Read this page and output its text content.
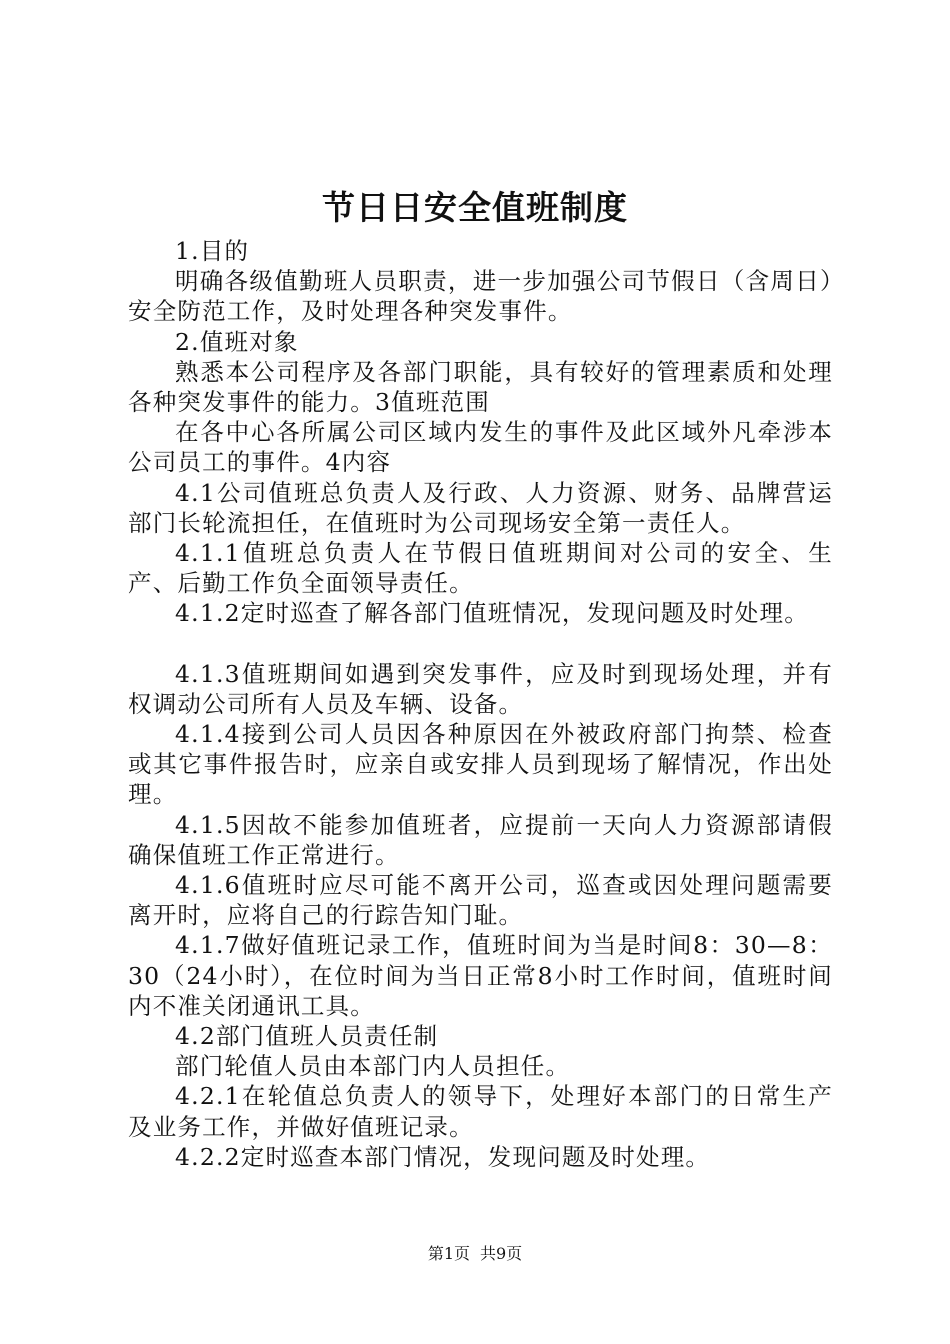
节日日安全值班制度

1.目的

明确各级值勤班人员职责，进一步加强公司节假日（含周日）安全防范工作，及时处理各种突发事件。

2.值班对象

熟悉本公司程序及各部门职能，具有较好的管理素质和处理各种突发事件的能力。3值班范围

在各中心各所属公司区域内发生的事件及此区域外凡牵涉本公司员工的事件。4内容

4.1公司值班总负责人及行政、人力资源、财务、品牌营运部门长轮流担任，在值班时为公司现场安全第一责任人。

4.1.1值班总负责人在节假日值班期间对公司的安全、生产、后勤工作负全面领导责任。

4.1.2定时巡查了解各部门值班情况，发现问题及时处理。

4.1.3值班期间如遇到突发事件，应及时到现场处理，并有权调动公司所有人员及车辆、设备。

4.1.4接到公司人员因各种原因在外被政府部门拘禁、检查或其它事件报告时，应亲自或安排人员到现场了解情况，作出处理。

4.1.5因故不能参加值班者，应提前一天向人力资源部请假确保值班工作正常进行。

4.1.6值班时应尽可能不离开公司，巡查或因处理问题需要离开时，应将自己的行踪告知门耻。

4.1.7做好值班记录工作，值班时间为当是时间8：30—8：30（24小时），在位时间为当日正常8小时工作时间，值班时间内不准关闭通讯工具。

4.2部门值班人员责任制

部门轮值人员由本部门内人员担任。

4.2.1在轮值总负责人的领导下，处理好本部门的日常生产及业务工作，并做好值班记录。

4.2.2定时巡查本部门情况，发现问题及时处理。

第1页 共9页
